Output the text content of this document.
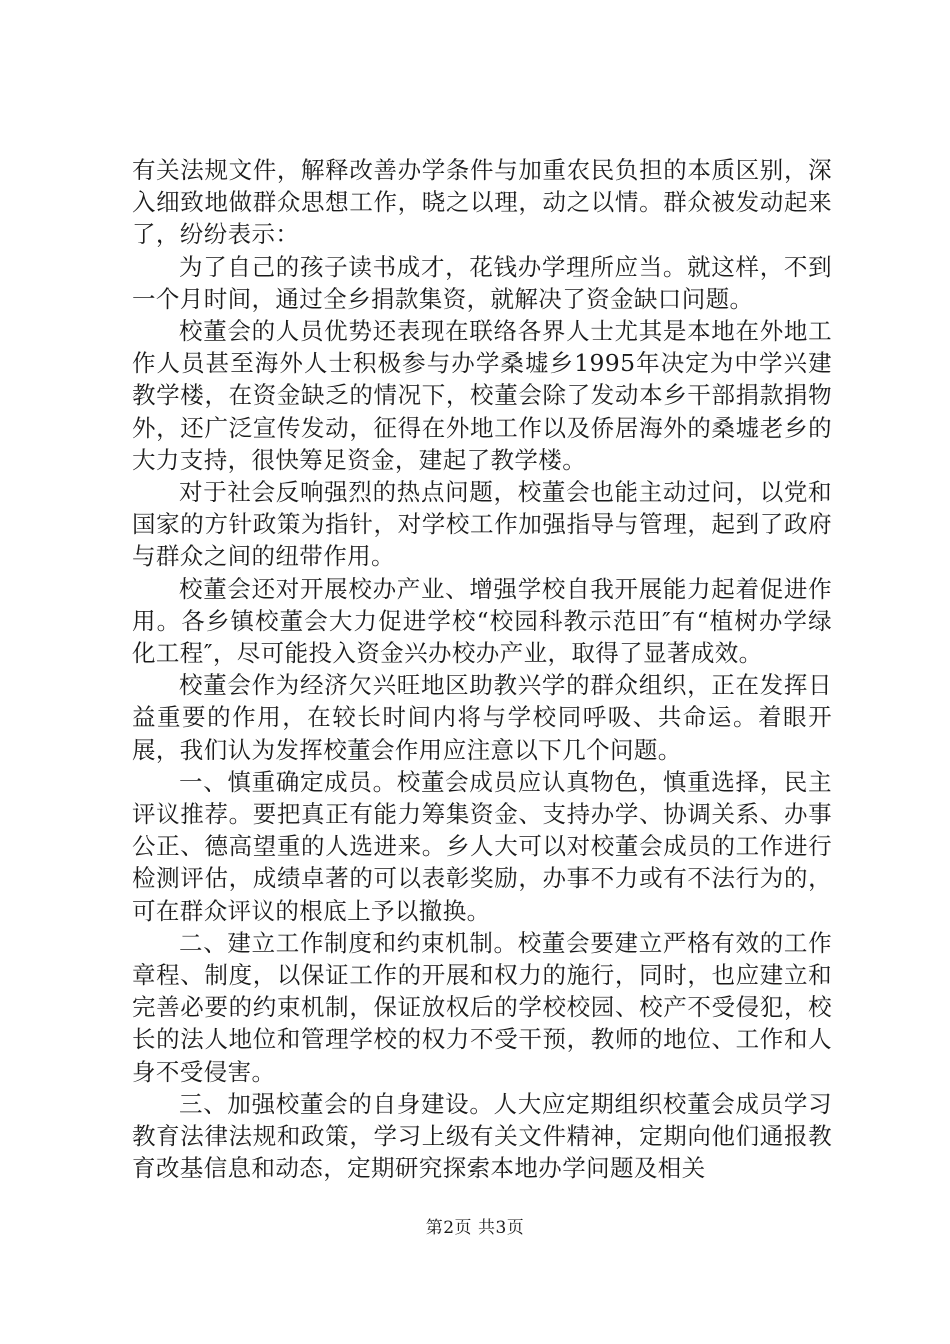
有关法规文件，解释改善办学条件与加重农民负担的本质区别，深入细致地做群众思想工作，晓之以理，动之以情。群众被发动起来了，纷纷表示：

为了自己的孩子读书成才，花钱办学理所应当。就这样，不到一个月时间，通过全乡捐款集资，就解决了资金缺口问题。

校董会的人员优势还表现在联络各界人士尤其是本地在外地工作人员甚至海外人士积极参与办学桑墟乡1995年决定为中学兴建教学楼，在资金缺乏的情况下，校董会除了发动本乡干部捐款捐物外，还广泛宣传发动，征得在外地工作以及侨居海外的桑墟老乡的大力支持，很快筹足资金，建起了教学楼。

对于社会反响强烈的热点问题，校董会也能主动过问，以党和国家的方针政策为指针，对学校工作加强指导与管理，起到了政府与群众之间的纽带作用。

校董会还对开展校办产业、增强学校自我开展能力起着促进作用。各乡镇校董会大力促进学校“校园科教示范田″有“植树办学绿化工程″，尽可能投入资金兴办校办产业，取得了显著成效。

校董会作为经济欠兴旺地区助教兴学的群众组织，正在发挥日益重要的作用，在较长时间内将与学校同呼吸、共命运。着眼开展，我们认为发挥校董会作用应注意以下几个问题。

一、慎重确定成员。校董会成员应认真物色，慎重选择，民主评议推荐。要把真正有能力筹集资金、支持办学、协调关系、办事公正、德高望重的人选进来。乡人大可以对校董会成员的工作进行检测评估，成绩卓著的可以表彰奖励，办事不力或有不法行为的，可在群众评议的根底上予以撤换。

二、建立工作制度和约束机制。校董会要建立严格有效的工作章程、制度，以保证工作的开展和权力的施行，同时，也应建立和完善必要的约束机制，保证放权后的学校校园、校产不受侵犯，校长的法人地位和管理学校的权力不受干预，教师的地位、工作和人身不受侵害。

三、加强校董会的自身建设。人大应定期组织校董会成员学习教育法律法规和政策，学习上级有关文件精神，定期向他们通报教育改基信息和动态，定期研究探索本地办学问题及相关

第2页 共3页
